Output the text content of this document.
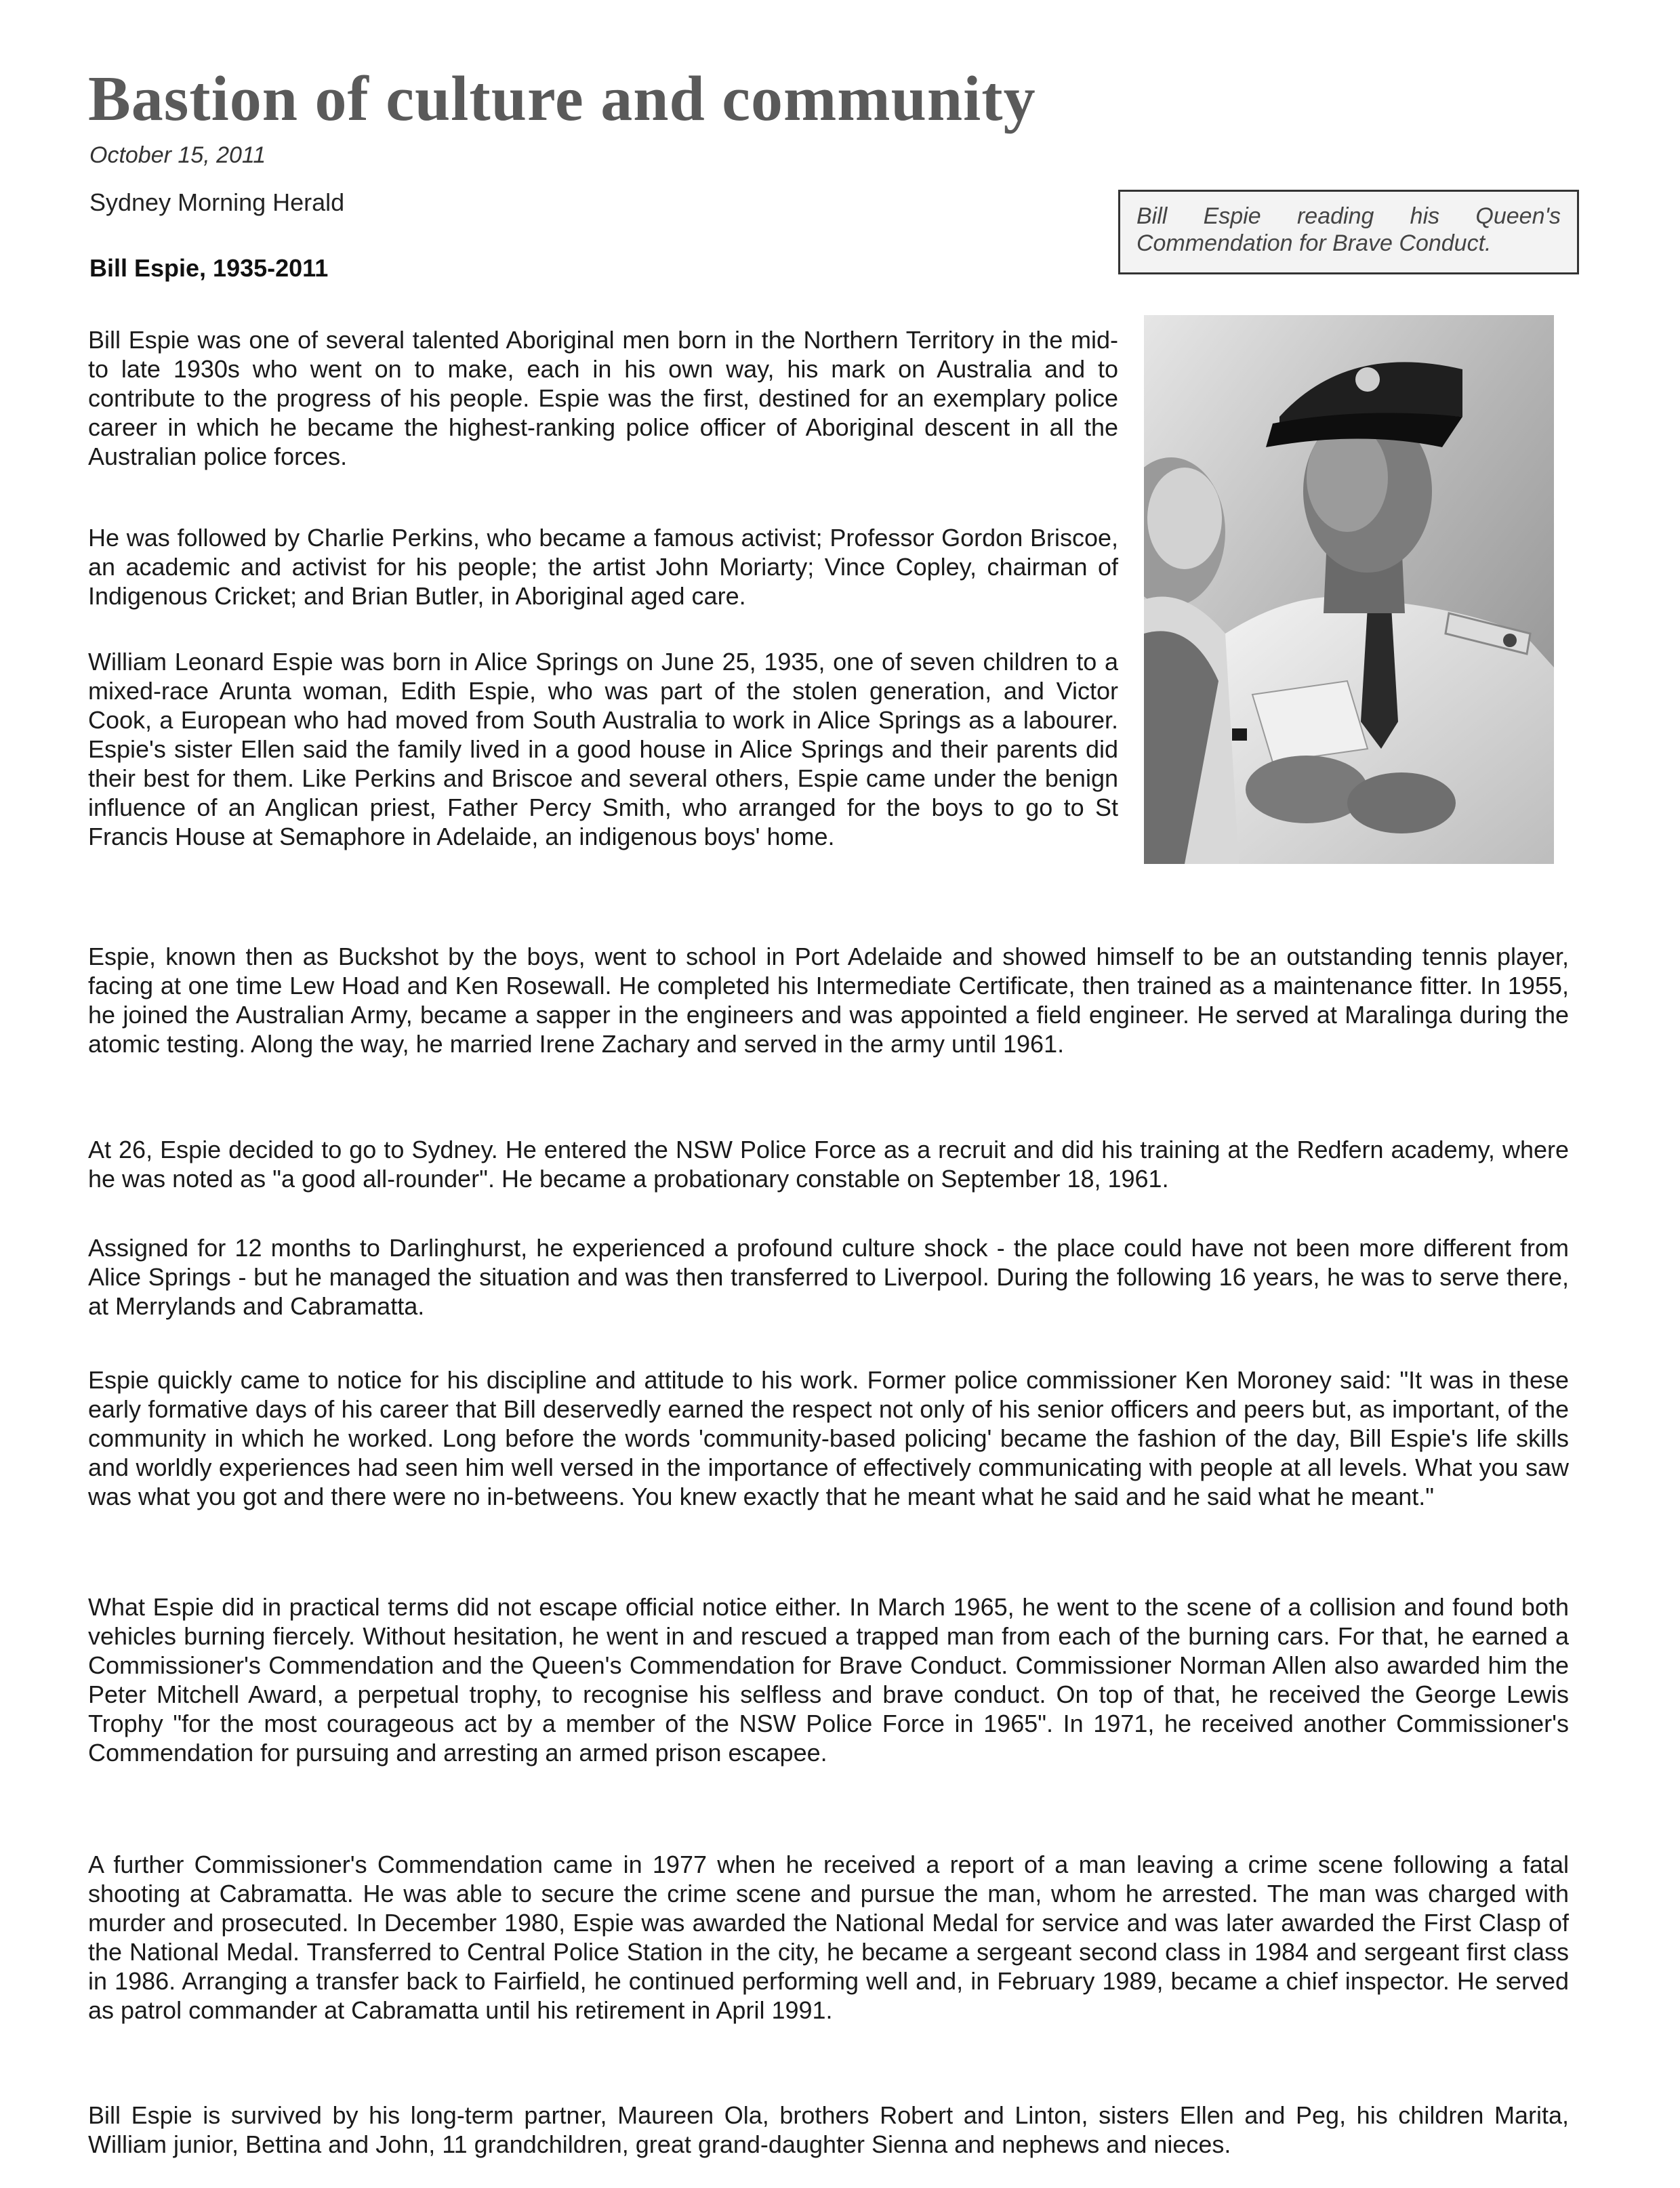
Bastion of culture and community
October 15, 2011
Sydney Morning Herald
Bill Espie, 1935-2011
Bill Espie reading his Queen's Commendation for Brave Conduct.

Bill Espie was one of several talented Aboriginal men born in the Northern Territory in the mid- to late 1930s who went on to make, each in his own way, his mark on Australia and to contribute to the progress of his people. Espie was the first, destined for an exemplary police career in which he became the highest-ranking police officer of Aboriginal descent in all the Australian police forces.

He was followed by Charlie Perkins, who became a famous activist; Professor Gordon Briscoe, an academic and activist for his people; the artist John Moriarty; Vince Copley, chairman of Indigenous Cricket; and Brian Butler, in Aboriginal aged care.

William Leonard Espie was born in Alice Springs on June 25, 1935, one of seven children to a mixed-race Arunta woman, Edith Espie, who was part of the stolen generation, and Victor Cook, a European who had moved from South Australia to work in Alice Springs as a labourer. Espie's sister Ellen said the family lived in a good house in Alice Springs and their parents did their best for them. Like Perkins and Briscoe and several others, Espie came under the benign influence of an Anglican priest, Father Percy Smith, who arranged for the boys to go to St Francis House at Semaphore in Adelaide, an indigenous boys' home.

Espie, known then as Buckshot by the boys, went to school in Port Adelaide and showed himself to be an outstanding tennis player, facing at one time Lew Hoad and Ken Rosewall. He completed his Intermediate Certificate, then trained as a maintenance fitter. In 1955, he joined the Australian Army, became a sapper in the engineers and was appointed a field engineer. He served at Maralinga during the atomic testing. Along the way, he married Irene Zachary and served in the army until 1961.

At 26, Espie decided to go to Sydney. He entered the NSW Police Force as a recruit and did his training at the Redfern academy, where he was noted as "a good all-rounder". He became a probationary constable on September 18, 1961.

Assigned for 12 months to Darlinghurst, he experienced a profound culture shock - the place could have not been more different from Alice Springs - but he managed the situation and was then transferred to Liverpool. During the following 16 years, he was to serve there, at Merrylands and Cabramatta.

Espie quickly came to notice for his discipline and attitude to his work. Former police commissioner Ken Moroney said: "It was in these early formative days of his career that Bill deservedly earned the respect not only of his senior officers and peers but, as important, of the community in which he worked. Long before the words 'community-based policing' became the fashion of the day, Bill Espie's life skills and worldly experiences had seen him well versed in the importance of effectively communicating with people at all levels. What you saw was what you got and there were no in-betweens. You knew exactly that he meant what he said and he said what he meant."

What Espie did in practical terms did not escape official notice either. In March 1965, he went to the scene of a collision and found both vehicles burning fiercely. Without hesitation, he went in and rescued a trapped man from each of the burning cars. For that, he earned a Commissioner's Commendation and the Queen's Commendation for Brave Conduct. Commissioner Norman Allen also awarded him the Peter Mitchell Award, a perpetual trophy, to recognise his selfless and brave conduct. On top of that, he received the George Lewis Trophy "for the most courageous act by a member of the NSW Police Force in 1965". In 1971, he received another Commissioner's Commendation for pursuing and arresting an armed prison escapee.

A further Commissioner's Commendation came in 1977 when he received a report of a man leaving a crime scene following a fatal shooting at Cabramatta. He was able to secure the crime scene and pursue the man, whom he arrested. The man was charged with murder and prosecuted. In December 1980, Espie was awarded the National Medal for service and was later awarded the First Clasp of the National Medal. Transferred to Central Police Station in the city, he became a sergeant second class in 1984 and sergeant first class in 1986. Arranging a transfer back to Fairfield, he continued performing well and, in February 1989, became a chief inspector. He served as patrol commander at Cabramatta until his retirement in April 1991.

Bill Espie is survived by his long-term partner, Maureen Ola, brothers Robert and Linton, sisters Ellen and Peg, his children Marita, William junior, Bettina and John, 11 grandchildren, great grand-daughter Sienna and nephews and nieces.
